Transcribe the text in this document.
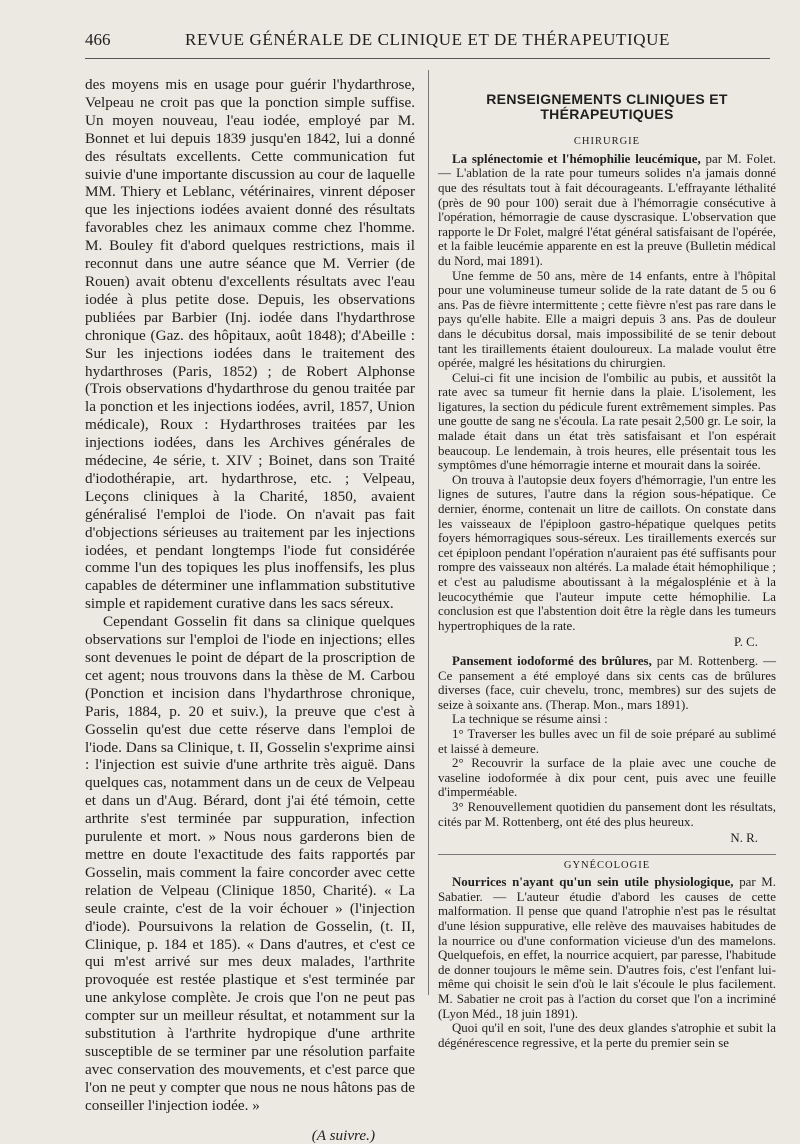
466	REVUE GÉNÉRALE DE CLINIQUE ET DE THÉRAPEUTIQUE

des moyens mis en usage pour guérir l'hydarthrose, Velpeau ne croit pas que la ponction simple suffise. Un moyen nouveau, l'eau iodée, employé par M. Bonnet et lui depuis 1839 jusqu'en 1842, lui a donné des résultats excellents. Cette communication fut suivie d'une importante discussion au cour de laquelle MM. Thiery et Leblanc, vétérinaires, vinrent déposer que les injections iodées avaient donné des résultats favorables chez les animaux comme chez l'homme. M. Bouley fit d'abord quelques restrictions, mais il reconnut dans une autre séance que M. Verrier (de Rouen) avait obtenu d'excellents résultats avec l'eau iodée à plus petite dose. Depuis, les observations publiées par Barbier (Inj. iodée dans l'hydarthrose chronique (Gaz. des hôpitaux, août 1848); d'Abeille : Sur les injections iodées dans le traitement des hydarthroses (Paris, 1852) ; de Robert Alphonse (Trois observations d'hydarthrose du genou traitée par la ponction et les injections iodées, avril, 1857, Union médicale), Roux : Hydarthroses traitées par les injections iodées, dans les Archives générales de médecine, 4e série, t. XIV ; Boinet, dans son Traité d'iodothérapie, art. hydarthrose, etc. ; Velpeau, Leçons cliniques à la Charité, 1850, avaient généralisé l'emploi de l'iode. On n'avait pas fait d'objections sérieuses au traitement par les injections iodées, et pendant longtemps l'iode fut considérée comme l'un des topiques les plus inoffensifs, les plus capables de déterminer une inflammation substitutive simple et rapidement curative dans les sacs séreux.

Cependant Gosselin fit dans sa clinique quelques observations sur l'emploi de l'iode en injections; elles sont devenues le point de départ de la proscription de cet agent; nous trouvons dans la thèse de M. Carbou (Ponction et incision dans l'hydarthrose chronique, Paris, 1884, p. 20 et suiv.), la preuve que c'est à Gosselin qu'est due cette réserve dans l'emploi de l'iode. Dans sa Clinique, t. II, Gosselin s'exprime ainsi : l'injection est suivie d'une arthrite très aiguë. Dans quelques cas, notamment dans un de ceux de Velpeau et dans un d'Aug. Bérard, dont j'ai été témoin, cette arthrite s'est terminée par suppuration, infection purulente et mort. » Nous nous garderons bien de mettre en doute l'exactitude des faits rapportés par Gosselin, mais comment la faire concorder avec cette relation de Velpeau (Clinique 1850, Charité). « La seule crainte, c'est de la voir échouer » (l'injection d'iode). Poursuivons la relation de Gosselin, (t. II, Clinique, p. 184 et 185). « Dans d'autres, et c'est ce qui m'est arrivé sur mes deux malades, l'arthrite provoquée est restée plastique et s'est terminée par une ankylose complète. Je crois que l'on ne peut pas compter sur un meilleur résultat, et notamment sur la substitution à l'arthrite hydropique d'une arthrite susceptible de se terminer par une résolution parfaite avec conservation des mouvements, et c'est parce que l'on ne peut y compter que nous ne nous hâtons pas de conseiller l'injection iodée. »

(A suivre.)

RENSEIGNEMENTS CLINIQUES ET THÉRAPEUTIQUES
CHIRURGIE

La splénectomie et l'hémophilie leucémique, par M. Folet. — L'ablation de la rate pour tumeurs solides n'a jamais donné que des résultats tout à fait décourageants. L'effrayante léthalité (près de 90 pour 100) serait due à l'hémorragie consécutive à l'opération, hémorragie de cause dyscrasique. L'observation que rapporte le Dr Folet, malgré l'état général satisfaisant de l'opérée, et la faible leucémie apparente en est la preuve (Bulletin médical du Nord, mai 1891).

Une femme de 50 ans, mère de 14 enfants, entre à l'hôpital pour une volumineuse tumeur solide de la rate datant de 5 ou 6 ans. Pas de fièvre intermittente ; cette fièvre n'est pas rare dans le pays qu'elle habite. Elle a maigri depuis 3 ans. Pas de douleur dans le décubitus dorsal, mais impossibilité de se tenir debout tant les tiraillements étaient douloureux. La malade voulut être opérée, malgré les hésitations du chirurgien.

Celui-ci fit une incision de l'ombilic au pubis, et aussitôt la rate avec sa tumeur fit hernie dans la plaie. L'isolement, les ligatures, la section du pédicule furent extrêmement simples. Pas une goutte de sang ne s'écoula. La rate pesait 2,500 gr. Le soir, la malade était dans un état très satisfaisant et l'on espérait beaucoup. Le lendemain, à trois heures, elle présentait tous les symptômes d'une hémorragie interne et mourait dans la soirée.

On trouva à l'autopsie deux foyers d'hémorragie, l'un entre les lignes de sutures, l'autre dans la région sous-hépatique. Ce dernier, énorme, contenait un litre de caillots. On constate dans les vaisseaux de l'épiploon gastro-hépatique quelques petits foyers hémorragiques sous-séreux. Les tiraillements exercés sur cet épiploon pendant l'opération n'auraient pas été suffisants pour rompre des vaisseaux non altérés. La malade était hémophilique ; et c'est au paludisme aboutissant à la mégalosplénie et à la leucocythémie que l'auteur impute cette hémophilie. La conclusion est que l'abstention doit être la règle dans les tumeurs hypertrophiques de la rate.

P. C.

Pansement iodoformé des brûlures, par M. Rottenberg. — Ce pansement a été employé dans six cents cas de brûlures diverses (face, cuir chevelu, tronc, membres) sur des sujets de seize à soixante ans. (Therap. Mon., mars 1891).

La technique se résume ainsi :

1° Traverser les bulles avec un fil de soie préparé au sublimé et laissé à demeure.
2° Recouvrir la surface de la plaie avec une couche de vaseline iodoformée à dix pour cent, puis avec une feuille d'imperméable.
3° Renouvellement quotidien du pansement dont les résultats, cités par M. Rottenberg, ont été des plus heureux.
N. R.
GYNÉCOLOGIE

Nourrices n'ayant qu'un sein utile physiologique, par M. Sabatier. — L'auteur étudie d'abord les causes de cette malformation. Il pense que quand l'atrophie n'est pas le résultat d'une lésion suppurative, elle relève des mauvaises habitudes de la nourrice ou d'une conformation vicieuse d'un des mamelons. Quelquefois, en effet, la nourrice acquiert, par paresse, l'habitude de donner toujours le même sein. D'autres fois, c'est l'enfant lui-même qui choisit le sein d'où le lait s'écoule le plus facilement. M. Sabatier ne croit pas à l'action du corset que l'on a incriminé (Lyon Méd., 18 juin 1891).

Quoi qu'il en soit, l'une des deux glandes s'atrophie et subit la dégénérescence regressive, et la perte du premier sein se
